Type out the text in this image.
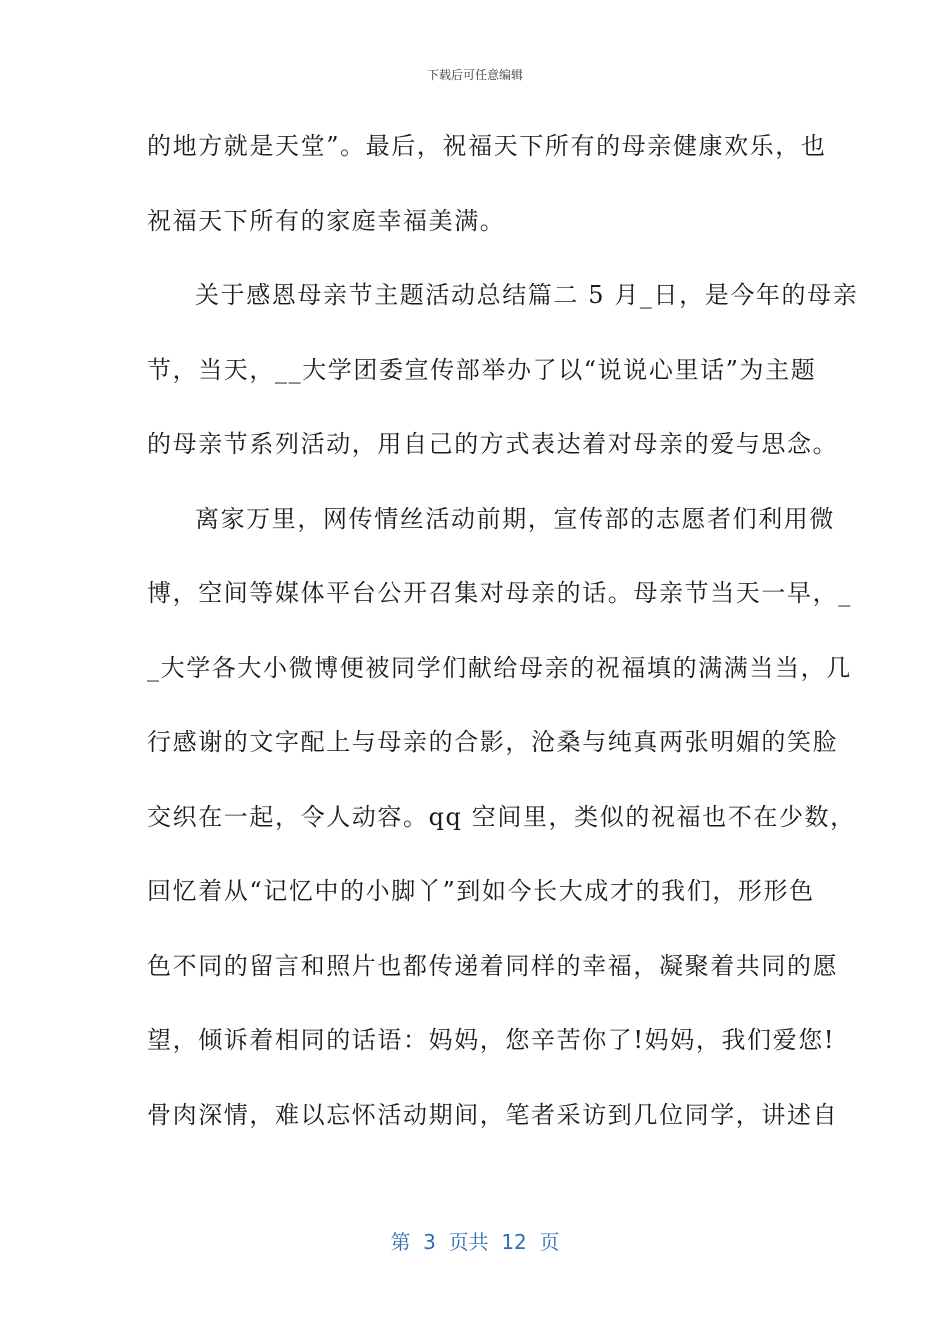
下载后可任意编辑
的地方就是天堂”。最后，祝福天下所有的母亲健康欢乐，也
祝福天下所有的家庭幸福美满。
关于感恩母亲节主题活动总结篇二 5 月_日，是今年的母亲
节，当天，__大学团委宣传部举办了以“说说心里话”为主题
的母亲节系列活动，用自己的方式表达着对母亲的爱与思念。
离家万里，网传情丝活动前期，宣传部的志愿者们利用微
博，空间等媒体平台公开召集对母亲的话。母亲节当天一早，_
_大学各大小微博便被同学们献给母亲的祝福填的满满当当，几
行感谢的文字配上与母亲的合影，沧桑与纯真两张明媚的笑脸
交织在一起，令人动容。qq 空间里，类似的祝福也不在少数，
回忆着从“记忆中的小脚丫”到如今长大成才的我们，形形色
色不同的留言和照片也都传递着同样的幸福，凝聚着共同的愿
望，倾诉着相同的话语：妈妈，您辛苦你了!妈妈，我们爱您!
骨肉深情，难以忘怀活动期间，笔者采访到几位同学，讲述自
第  3  页共  12  页
